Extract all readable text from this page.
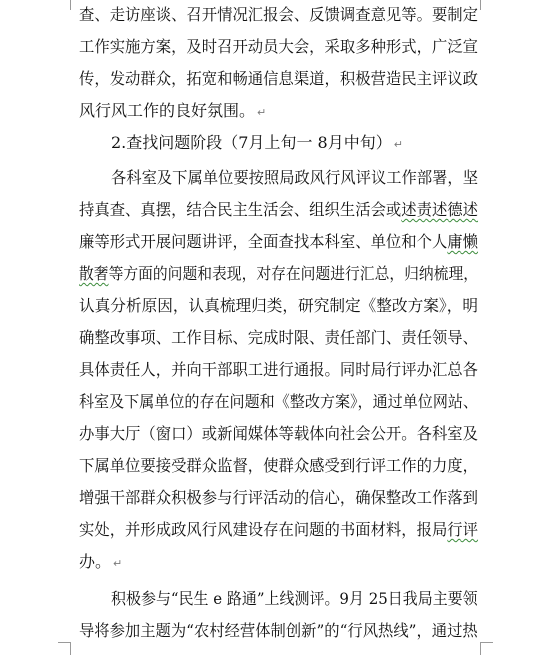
查、走访座谈、召开情况汇报会、反馈调查意见等。要制定
工作实施方案，及时召开动员大会，采取多种形式，广泛宣
传，发动群众，拓宽和畅通信息渠道，积极营造民主评议政
风行风工作的良好氛围。 ↵
2.查找问题阶段（7月上旬一 8月中旬） ↵
各科室及下属单位要按照局政风行风评议工作部署，坚
持真查、真摆，结合民主生活会、组织生活会或述责述德述
廉等形式开展问题讲评，全面查找本科室、单位和个人庸懒
散奢等方面的问题和表现，对存在问题进行汇总，归纳梳理，
认真分析原因，认真梳理归类，研究制定《整改方案》，明
确整改事项、工作目标、完成时限、责任部门、责任领导、
具体责任人，并向干部职工进行通报。同时局行评办汇总各
科室及下属单位的存在问题和《整改方案》，通过单位网站、
办事大厅（窗口）或新闻媒体等载体向社会公开。各科室及
下属单位要接受群众监督，使群众感受到行评工作的力度，
增强干部群众积极参与行评活动的信心，确保整改工作落到
实处，并形成政风行风建设存在问题的书面材料，报局行评
办。 ↵
积极参与“民生 e 路通”上线测评。9月 25日我局主要领
导将参加主题为“农村经营体制创新”的“行风热线”，通过热
